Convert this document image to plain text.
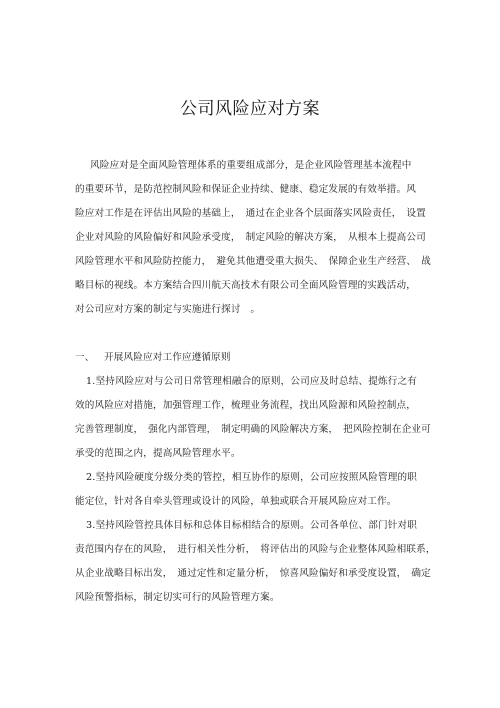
公司风险应对方案
风险应对是全面风险管理体系的重要组成部分，是企业风险管理基本流程中
的重要环节，是防范控制风险和保证企业持续、健康、稳定发展的有效举措。风
险应对工作是在评估出风险的基础上，　通过在企业各个层面落实风险责任，　设置
企业对风险的风险偏好和风险承受度，　制定风险的解决方案，　从根本上提高公司
风险管理水平和风险防控能力，　避免其他遭受重大损失、　保障企业生产经营、　战
略目标的视线。本方案结合四川航天高技术有限公司全面风险管理的实践活动，
对公司应对方案的制定与实施进行探讨　。
一、 开展风险应对工作应遵循原则
1.坚持风险应对与公司日常管理相融合的原则，公司应及时总结、提炼行之有
效的风险应对措施，加强管理工作，梳理业务流程，找出风险源和风险控制点，
完善管理制度，　强化内部管理，　制定明确的风险解决方案，　把风险控制在企业可
承受的范围之内，提高风险管理水平。
2.坚持风险硬度分级分类的管控，相互协作的原则，公司应按照风险管理的职
能定位，针对各自牵头管理或设计的风险，单独或联合开展风险应对工作。
3.坚持风险管控具体目标和总体目标相结合的原则。公司各单位、部门针对职
责范围内存在的风险，　进行相关性分析，　将评估出的风险与企业整体风险相联系，
从企业战略目标出发，　通过定性和定量分析，　惊喜风险偏好和承受度设置，　确定
风险预警指标，制定切实可行的风险管理方案。
